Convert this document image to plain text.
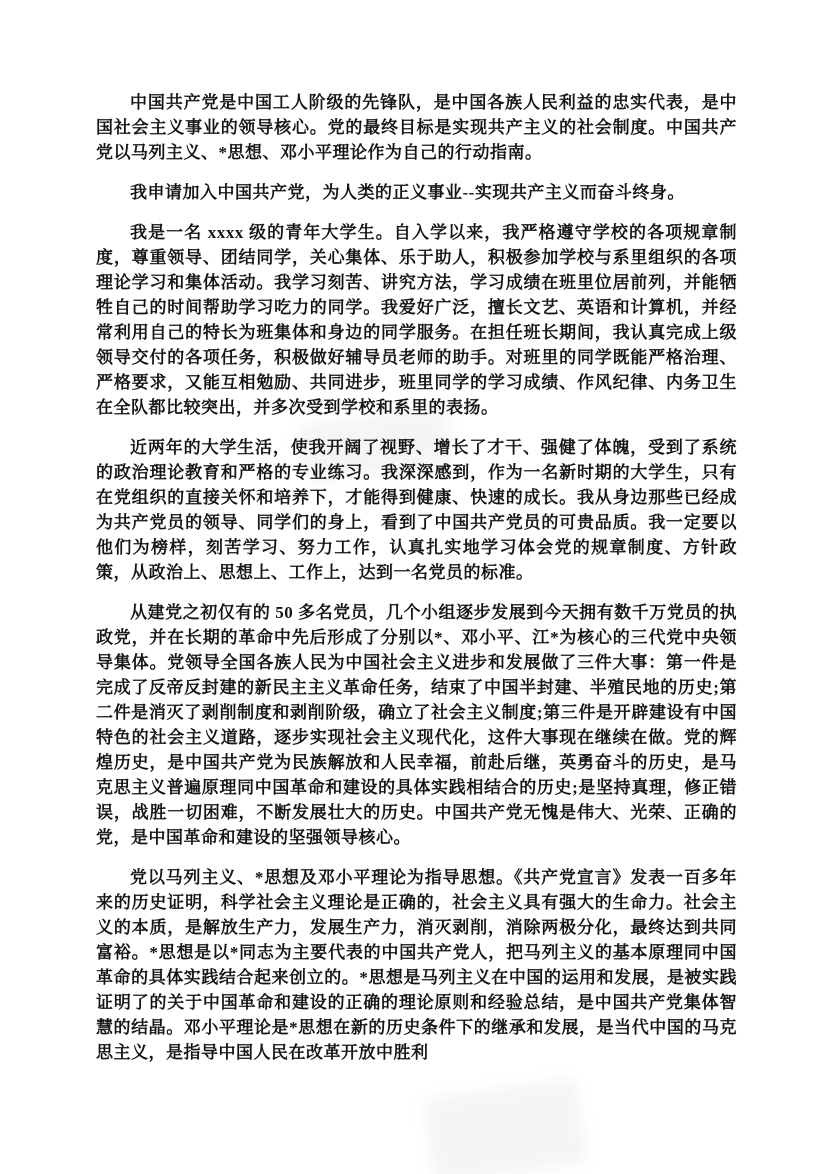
中国共产党是中国工人阶级的先锋队，是中国各族人民利益的忠实代表，是中国社会主义事业的领导核心。党的最终目标是实现共产主义的社会制度。中国共产党以马列主义、*思想、邓小平理论作为自己的行动指南。

我申请加入中国共产党，为人类的正义事业--实现共产主义而奋斗终身。

我是一名 xxxx 级的青年大学生。自入学以来，我严格遵守学校的各项规章制度，尊重领导、团结同学，关心集体、乐于助人，积极参加学校与系里组织的各项理论学习和集体活动。我学习刻苦、讲究方法，学习成绩在班里位居前列，并能牺牲自己的时间帮助学习吃力的同学。我爱好广泛，擅长文艺、英语和计算机，并经常利用自己的特长为班集体和身边的同学服务。在担任班长期间，我认真完成上级领导交付的各项任务，积极做好辅导员老师的助手。对班里的同学既能严格治理、严格要求，又能互相勉励、共同进步，班里同学的学习成绩、作风纪律、内务卫生在全队都比较突出，并多次受到学校和系里的表扬。

近两年的大学生活，使我开阔了视野、增长了才干、强健了体魄，受到了系统的政治理论教育和严格的专业练习。我深深感到，作为一名新时期的大学生，只有在党组织的直接关怀和培养下，才能得到健康、快速的成长。我从身边那些已经成为共产党员的领导、同学们的身上，看到了中国共产党员的可贵品质。我一定要以他们为榜样，刻苦学习、努力工作，认真扎实地学习体会党的规章制度、方针政策，从政治上、思想上、工作上，达到一名党员的标准。

从建党之初仅有的 50 多名党员，几个小组逐步发展到今天拥有数千万党员的执政党，并在长期的革命中先后形成了分别以*、邓小平、江*为核心的三代党中央领导集体。党领导全国各族人民为中国社会主义进步和发展做了三件大事：第一件是完成了反帝反封建的新民主主义革命任务，结束了中国半封建、半殖民地的历史;第二件是消灭了剥削制度和剥削阶级，确立了社会主义制度;第三件是开辟建设有中国特色的社会主义道路，逐步实现社会主义现代化，这件大事现在继续在做。党的辉煌历史，是中国共产党为民族解放和人民幸福，前赴后继，英勇奋斗的历史，是马克思主义普遍原理同中国革命和建设的具体实践相结合的历史;是坚持真理，修正错误，战胜一切困难，不断发展壮大的历史。中国共产党无愧是伟大、光荣、正确的党，是中国革命和建设的坚强领导核心。

党以马列主义、*思想及邓小平理论为指导思想。《共产党宣言》发表一百多年来的历史证明，科学社会主义理论是正确的，社会主义具有强大的生命力。社会主义的本质，是解放生产力，发展生产力，消灭剥削，消除两极分化，最终达到共同富裕。*思想是以*同志为主要代表的中国共产党人，把马列主义的基本原理同中国革命的具体实践结合起来创立的。*思想是马列主义在中国的运用和发展，是被实践证明了的关于中国革命和建设的正确的理论原则和经验总结，是中国共产党集体智慧的结晶。邓小平理论是*思想在新的历史条件下的继承和发展，是当代中国的马克思主义，是指导中国人民在改革开放中胜利
